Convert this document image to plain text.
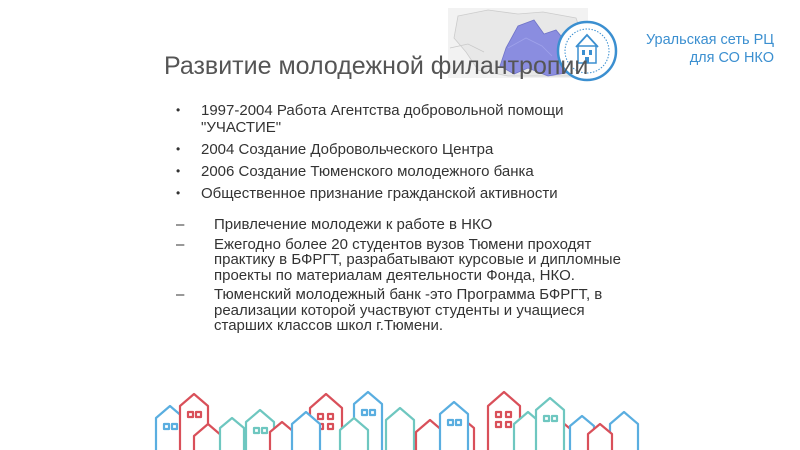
Уральская сеть РЦ
для СО НКО
Развитие молодежной филантропии
• 1997-2004 Работа Агентства добровольной помощи "УЧАСТИЕ"
• 2004 Создание Добровольческого Центра
• 2006 Создание Тюменского молодежного банка
• Общественное признание гражданской активности
– Привлечение молодежи к работе в НКО
– Ежегодно более 20 студентов вузов Тюмени проходят практику в БФРГТ, разрабатывают курсовые и дипломные проекты по материалам деятельности Фонда, НКО.
– Тюменский молодежный банк -это Программа БФРГТ, в реализации которой участвуют студенты и учащиеся старших классов школ г.Тюмени.
